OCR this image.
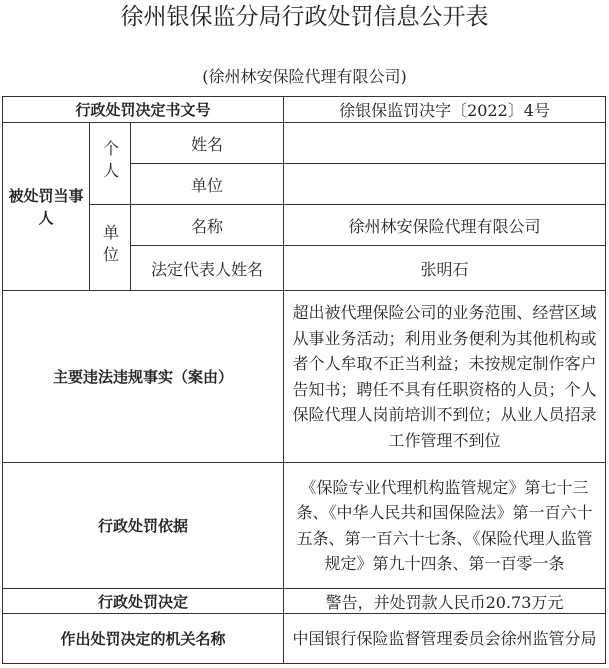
徐州银保监分局行政处罚信息公开表
(徐州林安保险代理有限公司)
行政处罚决定书文号			徐银保监罚决字〔2022〕4号
被处罚当事人	个人	姓名	
		单位	
	单位	名称	徐州林安保险代理有限公司
		法定代表人姓名	张明石
主要违法违规事实（案由）			超出被代理保险公司的业务范围、经营区域从事业务活动；利用业务便利为其他机构或者个人牟取不正当利益；未按规定制作客户告知书；聘任不具有任职资格的人员；个人保险代理人岗前培训不到位；从业人员招录工作管理不到位
行政处罚依据			《保险专业代理机构监管规定》第七十三条、《中华人民共和国保险法》第一百六十五条、第一百六十七条、《保险代理人监管规定》第九十四条、第一百零一条
行政处罚决定			警告，并处罚款人民币20.73万元
作出处罚决定的机关名称			中国银行保险监督管理委员会徐州监管分局
